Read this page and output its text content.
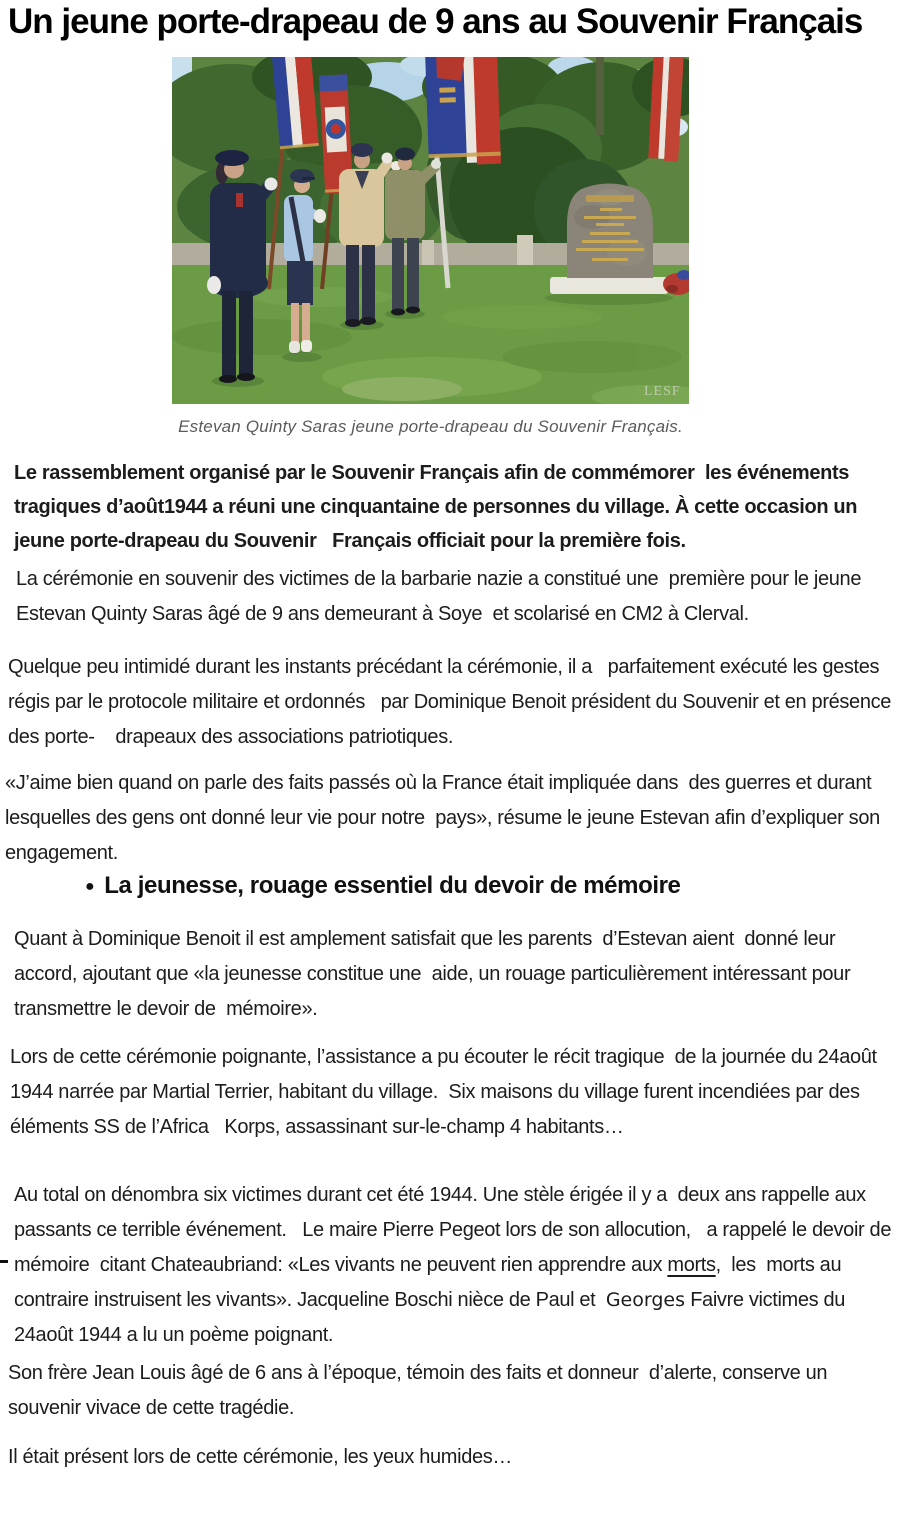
Un jeune porte-drapeau de 9 ans au Souvenir Français
LESF
Estevan Quinty Saras jeune porte-drapeau du Souvenir Français.

Le rassemblement organisé par le Souvenir Français afin de commémorer  les événements tragiques d’août1944 a réuni une cinquantaine de personnes du village. À cette occasion un jeune porte-drapeau du Souvenir   Français officiait pour la première fois.

La cérémonie en souvenir des victimes de la barbarie nazie a constitué une  première pour le jeune Estevan Quinty Saras âgé de 9 ans demeurant à Soye  et scolarisé en CM2 à Clerval.

Quelque peu intimidé durant les instants précédant la cérémonie, il a   parfaitement exécuté les gestes régis par le protocole militaire et ordonnés   par Dominique Benoit président du Souvenir et en présence des porte-    drapeaux des associations patriotiques.

«J’aime bien quand on parle des faits passés où la France était impliquée dans  des guerres et durant lesquelles des gens ont donné leur vie pour notre  pays», résume le jeune Estevan afin d’expliquer son engagement.

● La jeunesse, rouage essentiel du devoir de mémoire

Quant à Dominique Benoit il est amplement satisfait que les parents  d’Estevan aient  donné leur accord, ajoutant que «la jeunesse constitue une  aide, un rouage particulièrement intéressant pour transmettre le devoir de  mémoire».

Lors de cette cérémonie poignante, l’assistance a pu écouter le récit tragique  de la journée du 24août 1944 narrée par Martial Terrier, habitant du village.  Six maisons du village furent incendiées par des éléments SS de l’Africa   Korps, assassinant sur-le-champ 4 habitants…

Au total on dénombra six victimes durant cet été 1944. Une stèle érigée il y a  deux ans rappelle aux passants ce terrible événement.   Le maire Pierre Pegeot lors de son allocution,   a rappelé le devoir de mémoire  citant Chateaubriand: «Les vivants ne peuvent rien apprendre aux morts,  les  morts au contraire instruisent les vivants». Jacqueline Boschi nièce de Paul et  Georges Faivre victimes du 24août 1944 a lu un poème poignant.

Son frère Jean Louis âgé de 6 ans à l’époque, témoin des faits et donneur  d’alerte, conserve un souvenir vivace de cette tragédie.

Il était présent lors de cette cérémonie, les yeux humides…
